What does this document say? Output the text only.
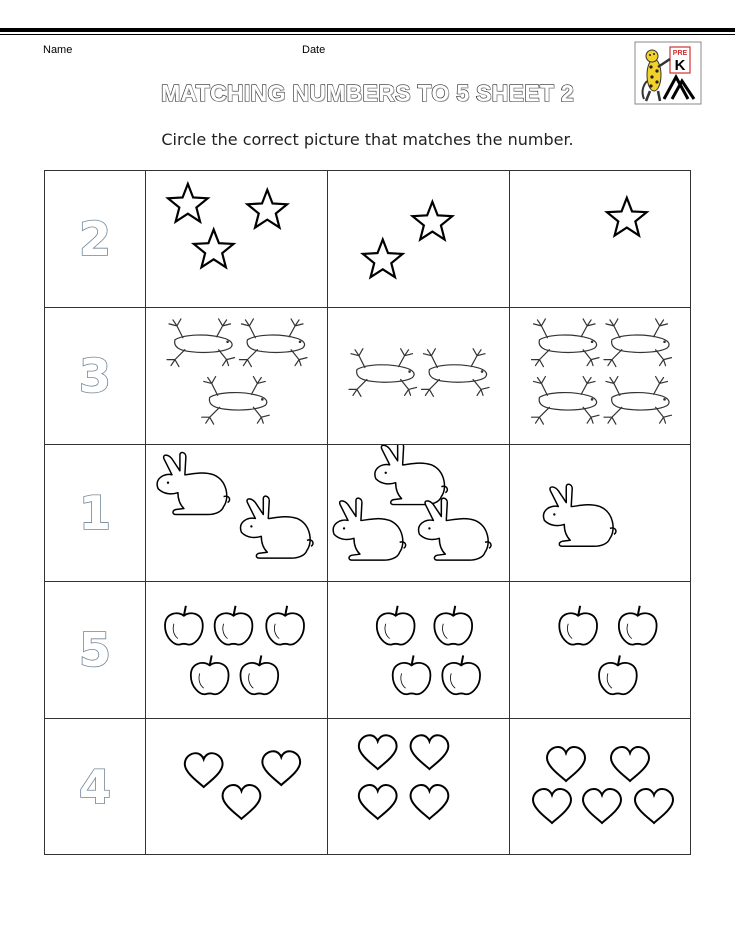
Name	Date	PRE
K
MATCHING NUMBERS TO 5 SHEET 2
Circle the correct picture that matches the number.
2
3
1
5
4
